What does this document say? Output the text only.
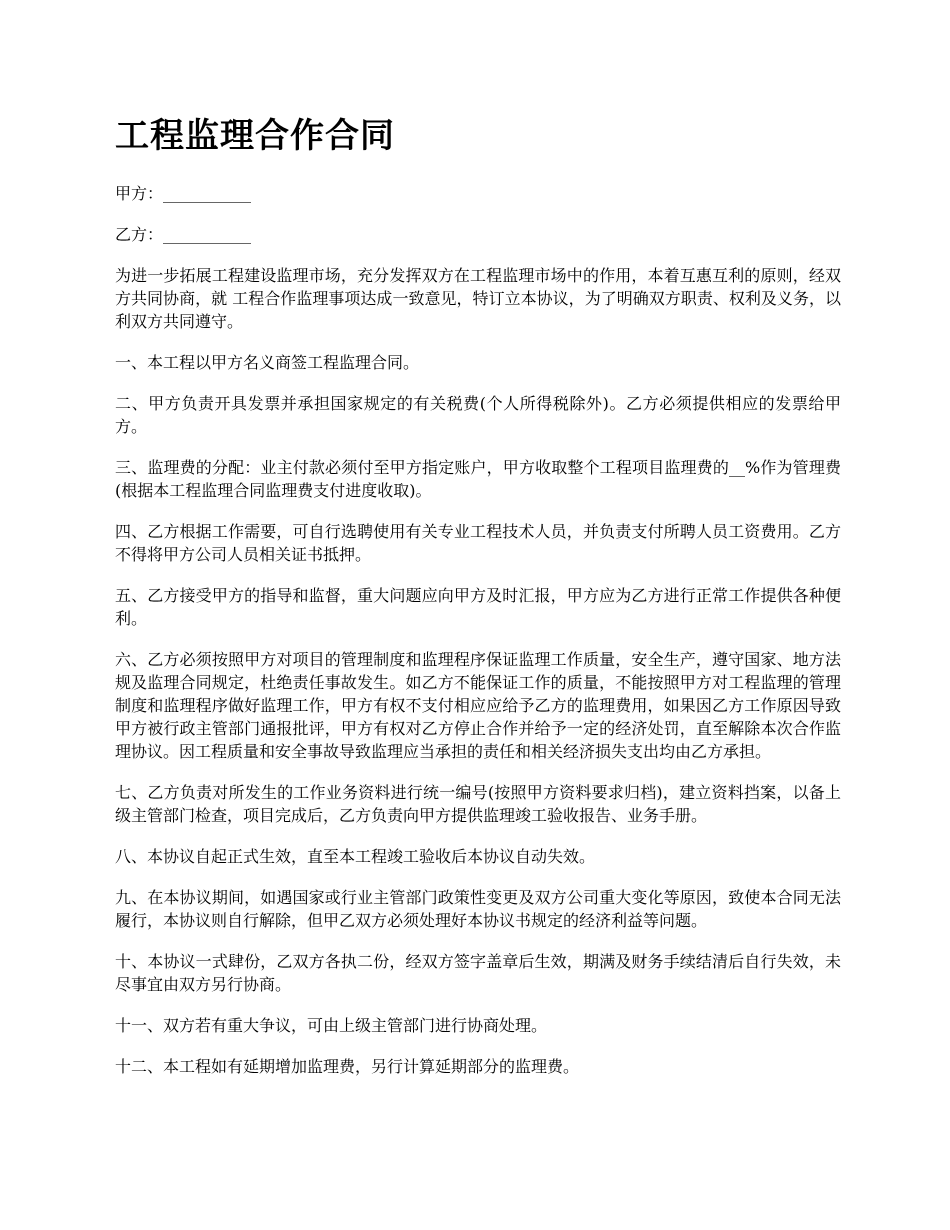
工程监理合作合同

甲方：___________

乙方：___________

为进一步拓展工程建设监理市场，充分发挥双方在工程监理市场中的作用，本着互惠互利的原则，经双方共同协商，就 工程合作监理事项达成一致意见，特订立本协议，为了明确双方职责、权利及义务，以利双方共同遵守。

一、本工程以甲方名义商签工程监理合同。

二、甲方负责开具发票并承担国家规定的有关税费(个人所得税除外)。乙方必须提供相应的发票给甲方。

三、监理费的分配：业主付款必须付至甲方指定账户，甲方收取整个工程项目监理费的__%作为管理费(根据本工程监理合同监理费支付进度收取)。

四、乙方根据工作需要，可自行选聘使用有关专业工程技术人员，并负责支付所聘人员工资费用。乙方不得将甲方公司人员相关证书抵押。

五、乙方接受甲方的指导和监督，重大问题应向甲方及时汇报，甲方应为乙方进行正常工作提供各种便利。

六、乙方必须按照甲方对项目的管理制度和监理程序保证监理工作质量，安全生产，遵守国家、地方法规及监理合同规定，杜绝责任事故发生。如乙方不能保证工作的质量，不能按照甲方对工程监理的管理制度和监理程序做好监理工作，甲方有权不支付相应应给予乙方的监理费用，如果因乙方工作原因导致甲方被行政主管部门通报批评，甲方有权对乙方停止合作并给予一定的经济处罚，直至解除本次合作监理协议。因工程质量和安全事故导致监理应当承担的责任和相关经济损失支出均由乙方承担。

七、乙方负责对所发生的工作业务资料进行统一编号(按照甲方资料要求归档)，建立资料挡案，以备上级主管部门检查，项目完成后，乙方负责向甲方提供监理竣工验收报告、业务手册。

八、本协议自起正式生效，直至本工程竣工验收后本协议自动失效。

九、在本协议期间，如遇国家或行业主管部门政策性变更及双方公司重大变化等原因，致使本合同无法履行，本协议则自行解除，但甲乙双方必须处理好本协议书规定的经济利益等问题。

十、本协议一式肆份，乙双方各执二份，经双方签字盖章后生效，期满及财务手续结清后自行失效，未尽事宜由双方另行协商。

十一、双方若有重大争议，可由上级主管部门进行协商处理。

十二、本工程如有延期增加监理费，另行计算延期部分的监理费。
